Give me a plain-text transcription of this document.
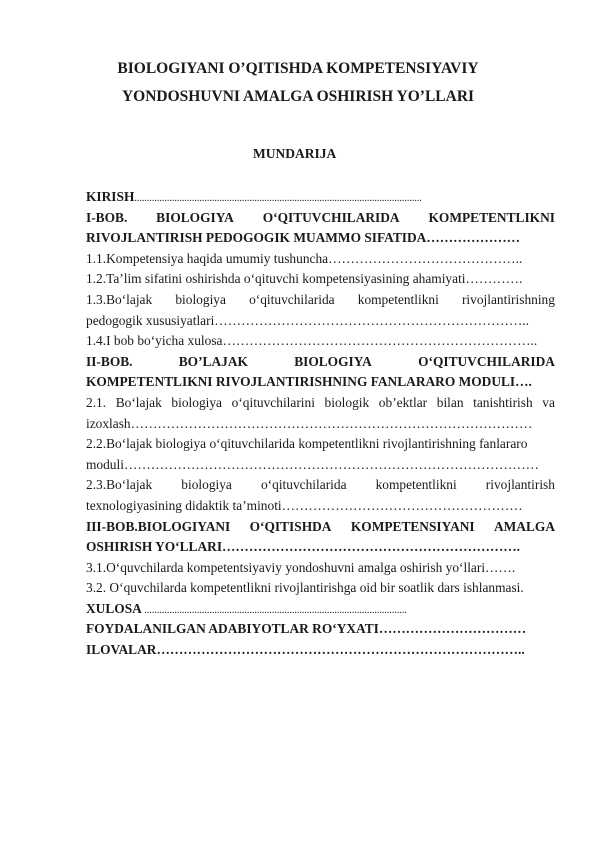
BIOLOGIYANI O’QITISHDA KOMPETENSIYAVIY
YONDOSHUVNI AMALGA OSHIRISH YO’LLARI
MUNDARIJA
KIRISH...................................................................................................................
I-BOB. BIOLOGIYA O‘QITUVCHILARIDA KOMPETENTLIKNI
RIVOJLANTIRISH PEDOGOGIK MUAMMO SIFATIDA…………………
1.1.Kompetensiya haqida umumiy tushuncha……………………………………..
1.2.Ta’lim sifatini oshirishda o‘qituvchi kompetensiyasining ahamiyati………….
1.3.Bo‘lajak biologiya o‘qituvchilarida kompetentlikni rivojlantirishning
pedogogik xususiyatlari……………………………………………………………..
1.4.I bob bo‘yicha xulosa……………………………………………………………..
II-BOB.	BO’LAJAK	BIOLOGIYA	O‘QITUVCHILARIDA
KOMPETENTLIKNI RIVOJLANTIRISHNING FANLARARO MODULI….
2.1. Bo‘lajak biologiya o‘qituvchilarini biologik ob’ektlar bilan tanishtirish va
izoxlash………………………………………………………………………………
2.2.Bo‘lajak biologiya o‘qituvchilarida kompetentlikni rivojlantirishning fanlararo
moduli…………………………………………………………………………………
2.3.Bo‘lajak biologiya o‘qituvchilarida kompetentlikni rivojlantirish
texnologiyasining didaktik ta’minoti………………………………………………
III-BOB.BIOLOGIYANI O‘QITISHDA KOMPETENSIYANI AMALGA
OSHIRISH YO‘LLARI………………………………………………………….
3.1.O‘quvchilarda kompetentsiyaviy yondoshuvni amalga oshirish yo‘llari…….
3.2. O‘quvchilarda kompetentlikni rivojlantirishga oid bir soatlik dars ishlanmasi.
XULOSA .........................................................................................................
FOYDALANILGAN ADABIYOTLAR RO‘YXATI……………………………
ILOVALAR………………………………………………………………………..
